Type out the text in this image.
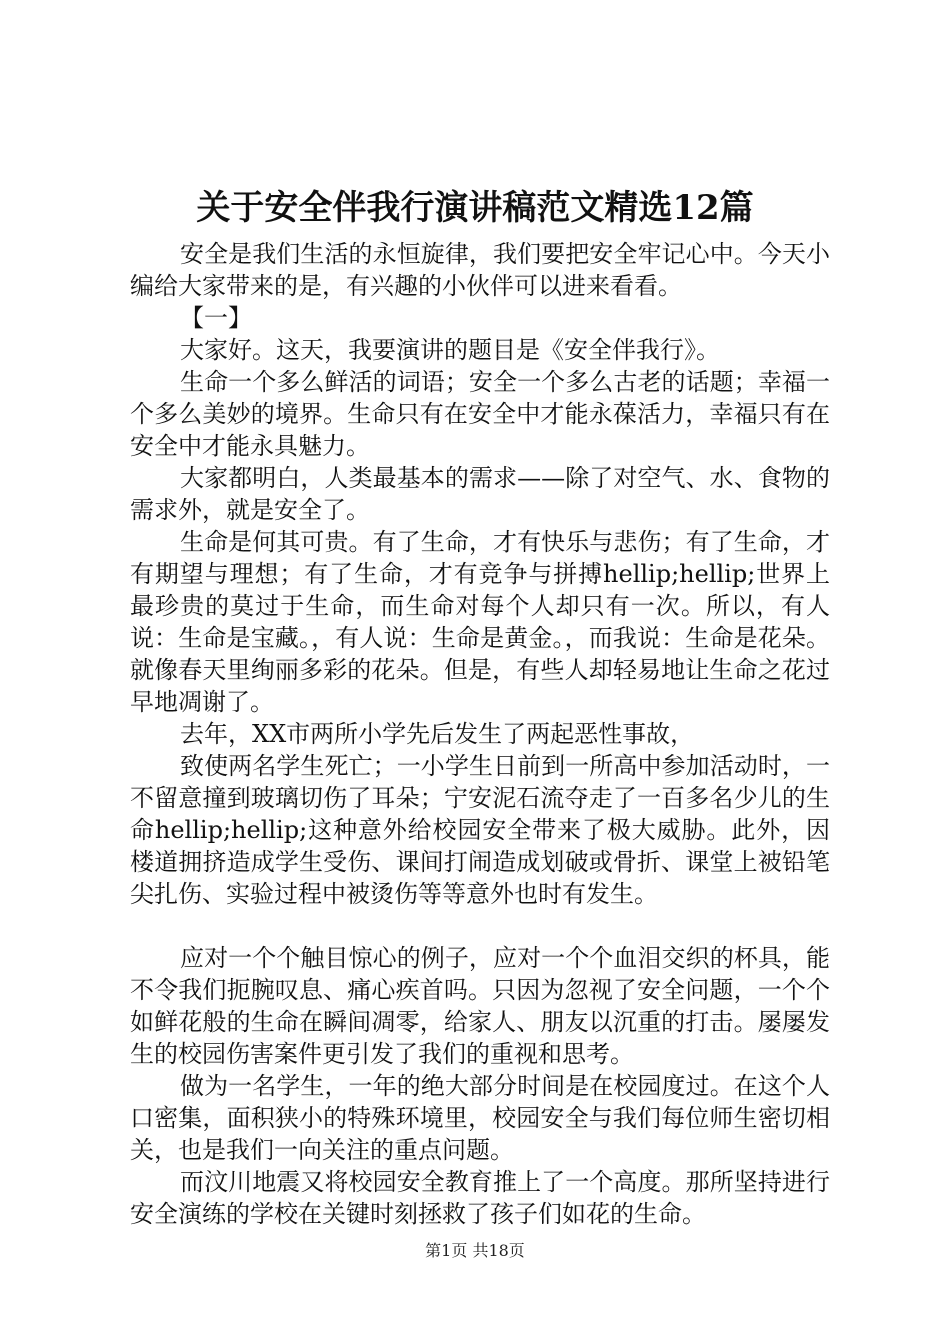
关于安全伴我行演讲稿范文精选12篇

安全是我们生活的永恒旋律，我们要把安全牢记心中。今天小编给大家带来的是，有兴趣的小伙伴可以进来看看。

【一】

大家好。这天，我要演讲的题目是《安全伴我行》。

生命一个多么鲜活的词语；安全一个多么古老的话题；幸福一个多么美妙的境界。生命只有在安全中才能永葆活力，幸福只有在安全中才能永具魅力。

大家都明白，人类最基本的需求——除了对空气、水、食物的需求外，就是安全了。

生命是何其可贵。有了生命，才有快乐与悲伤；有了生命，才有期望与理想；有了生命，才有竞争与拼搏hellip;hellip;世界上最珍贵的莫过于生命，而生命对每个人却只有一次。所以，有人说：生命是宝藏。，有人说：生命是黄金。，而我说：生命是花朵。就像春天里绚丽多彩的花朵。但是，有些人却轻易地让生命之花过早地凋谢了。

去年，XX市两所小学先后发生了两起恶性事故，

致使两名学生死亡；一小学生日前到一所高中参加活动时，一不留意撞到玻璃切伤了耳朵；宁安泥石流夺走了一百多名少儿的生命hellip;hellip;这种意外给校园安全带来了极大威胁。此外，因楼道拥挤造成学生受伤、课间打闹造成划破或骨折、课堂上被铅笔尖扎伤、实验过程中被烫伤等等意外也时有发生。

应对一个个触目惊心的例子，应对一个个血泪交织的杯具，能不令我们扼腕叹息、痛心疾首吗。只因为忽视了安全问题，一个个如鲜花般的生命在瞬间凋零，给家人、朋友以沉重的打击。屡屡发生的校园伤害案件更引发了我们的重视和思考。

做为一名学生，一年的绝大部分时间是在校园度过。在这个人口密集，面积狭小的特殊环境里，校园安全与我们每位师生密切相关，也是我们一向关注的重点问题。

而汶川地震又将校园安全教育推上了一个高度。那所坚持进行安全演练的学校在关键时刻拯救了孩子们如花的生命。

第1页 共18页
